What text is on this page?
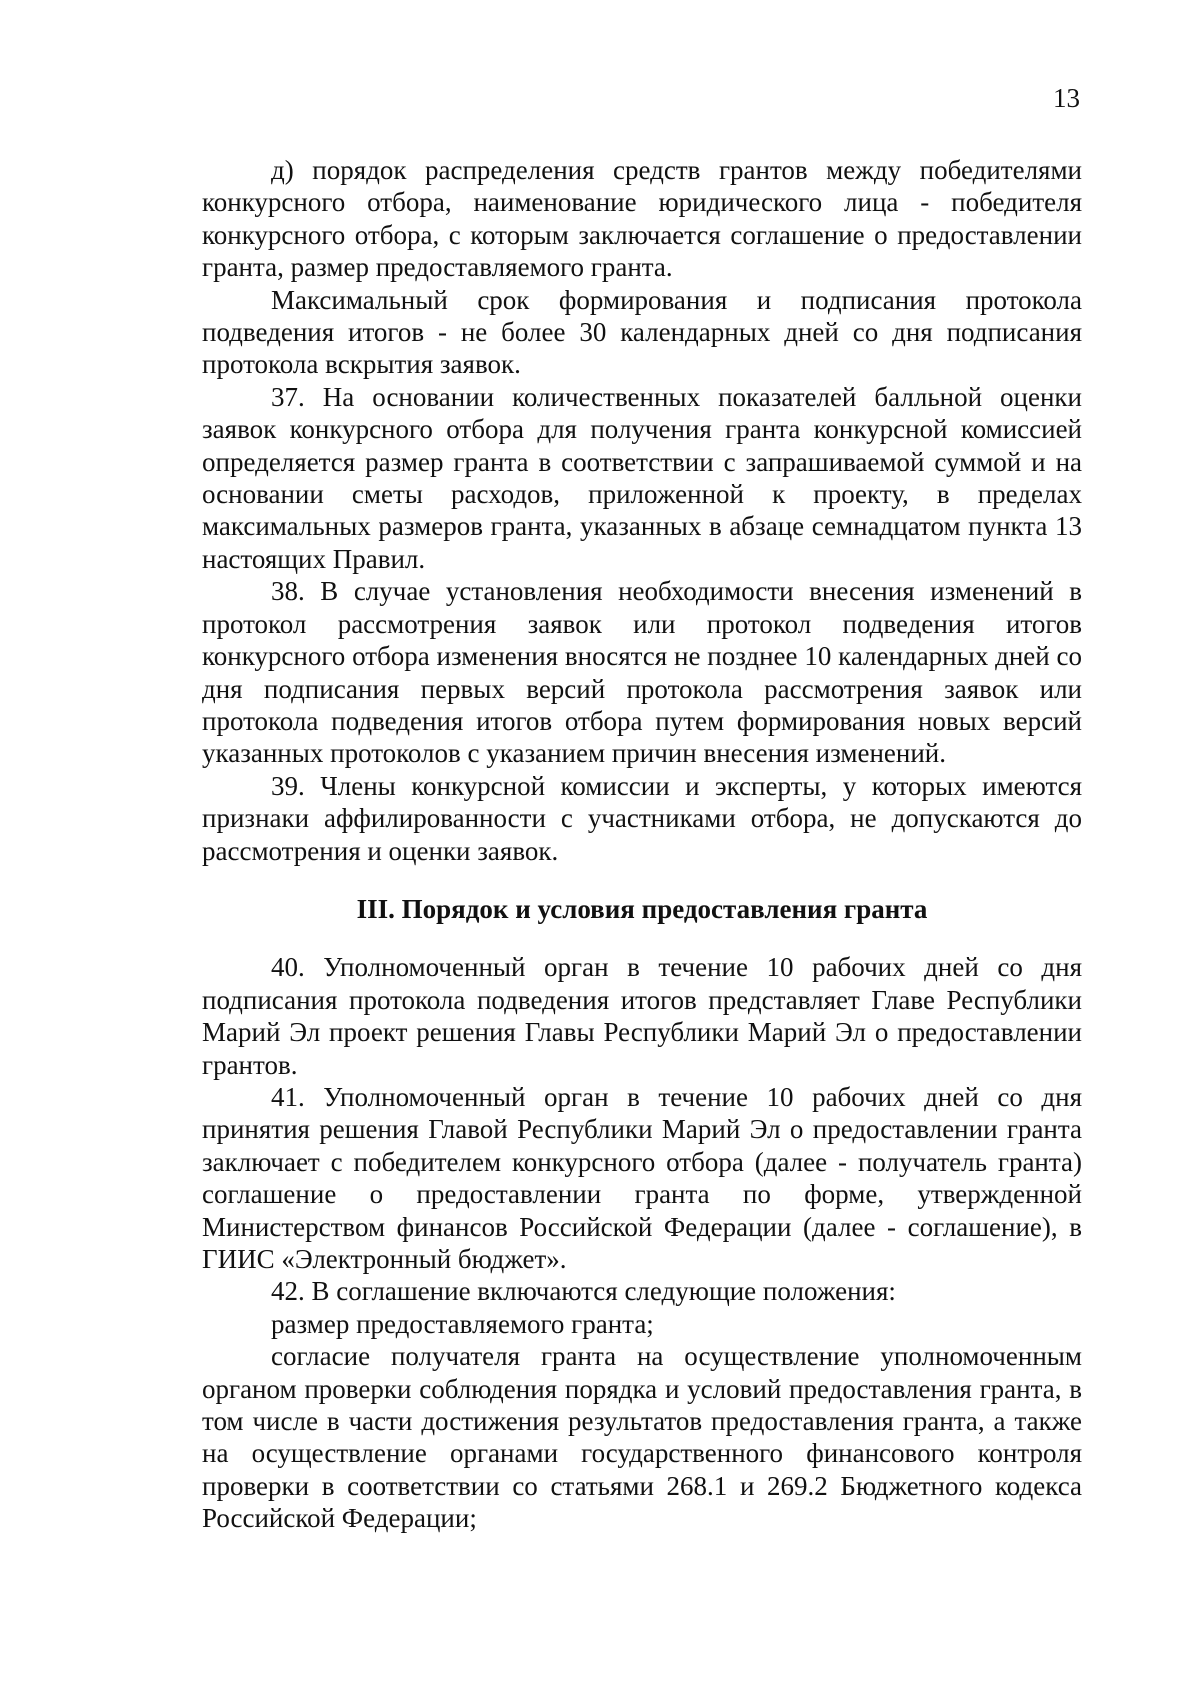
13

д) порядок распределения средств грантов между победителями конкурсного отбора, наименование юридического лица - победителя конкурсного отбора, с которым заключается соглашение о предоставлении гранта, размер предоставляемого гранта.

Максимальный срок формирования и подписания протокола подведения итогов - не более 30 календарных дней со дня подписания протокола вскрытия заявок.

37. На основании количественных показателей балльной оценки заявок конкурсного отбора для получения гранта конкурсной комиссией определяется размер гранта в соответствии с запрашиваемой суммой и на основании сметы расходов, приложенной к проекту, в пределах максимальных размеров гранта, указанных в абзаце семнадцатом пункта 13 настоящих Правил.

38. В случае установления необходимости внесения изменений в протокол рассмотрения заявок или протокол подведения итогов конкурсного отбора изменения вносятся не позднее 10 календарных дней со дня подписания первых версий протокола рассмотрения заявок или протокола подведения итогов отбора путем формирования новых версий указанных протоколов с указанием причин внесения изменений.

39. Члены конкурсной комиссии и эксперты, у которых имеются признаки аффилированности с участниками отбора, не допускаются до рассмотрения и оценки заявок.

III. Порядок и условия предоставления гранта

40. Уполномоченный орган в течение 10 рабочих дней со дня подписания протокола подведения итогов представляет Главе Республики Марий Эл проект решения Главы Республики Марий Эл о предоставлении грантов.

41. Уполномоченный орган в течение 10 рабочих дней со дня принятия решения Главой Республики Марий Эл о предоставлении гранта заключает с победителем конкурсного отбора (далее - получатель гранта) соглашение о предоставлении гранта по форме, утвержденной Министерством финансов Российской Федерации (далее - соглашение), в ГИИС «Электронный бюджет».

42. В соглашение включаются следующие положения:

размер предоставляемого гранта;

согласие получателя гранта на осуществление уполномоченным органом проверки соблюдения порядка и условий предоставления гранта, в том числе в части достижения результатов предоставления гранта, а также на осуществление органами государственного финансового контроля проверки в соответствии со статьями 268.1 и 269.2 Бюджетного кодекса Российской Федерации;
